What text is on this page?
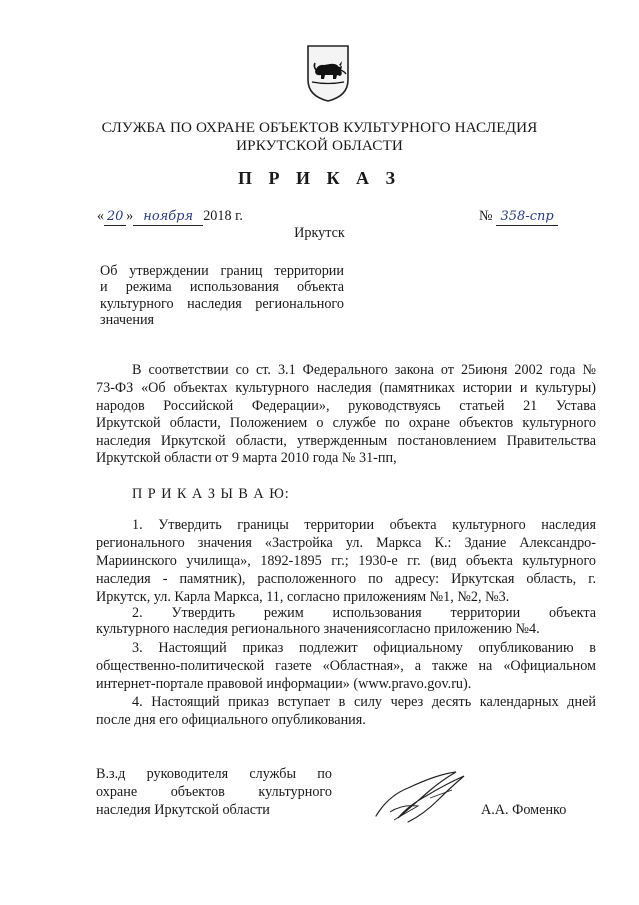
СЛУЖБА ПО ОХРАНЕ ОБЪЕКТОВ КУЛЬТУРНОГО НАСЛЕДИЯ
ИРКУТСКОЙ ОБЛАСТИ
П Р И К А З
« 20 » ноября 2018 г.	№ 358-спр
Иркутск
Об утверждении границ территории
и режима использования объекта
культурного наследия регионального
значения
В соответствии со ст. 3.1 Федерального закона от 25июня 2002 года №
73-ФЗ «Об объектах культурного наследия (памятниках истории и культуры)
народов Российской Федерации», руководствуясь статьей 21 Устава
Иркутской области, Положением о службе по охране объектов культурного
наследия Иркутской области, утвержденным постановлением Правительства
Иркутской области от 9 марта 2010 года № 31-пп,
П Р И К А З Ы В А Ю:
1. Утвердить границы территории объекта культурного наследия
регионального значения «Застройка ул. Маркса К.: Здание Александро-
Мариинского училища», 1892-1895 гг.; 1930-е гг. (вид объекта культурного
наследия - памятник), расположенного по адресу: Иркутская область, г.
Иркутск, ул. Карла Маркса, 11, согласно приложениям №1, №2, №3.
2. Утвердить режим использования территории объекта
культурного наследия регионального значениясогласно приложению №4.
3. Настоящий приказ подлежит официальному опубликованию в
общественно-политической газете «Областная», а также на «Официальном
интернет-портале правовой информации» (www.pravo.gov.ru).
4. Настоящий приказ вступает в силу через десять календарных дней
после дня его официального опубликования.
В.з.д руководителя службы по
охране объектов культурного
наследия Иркутской области	А.А. Фоменко
